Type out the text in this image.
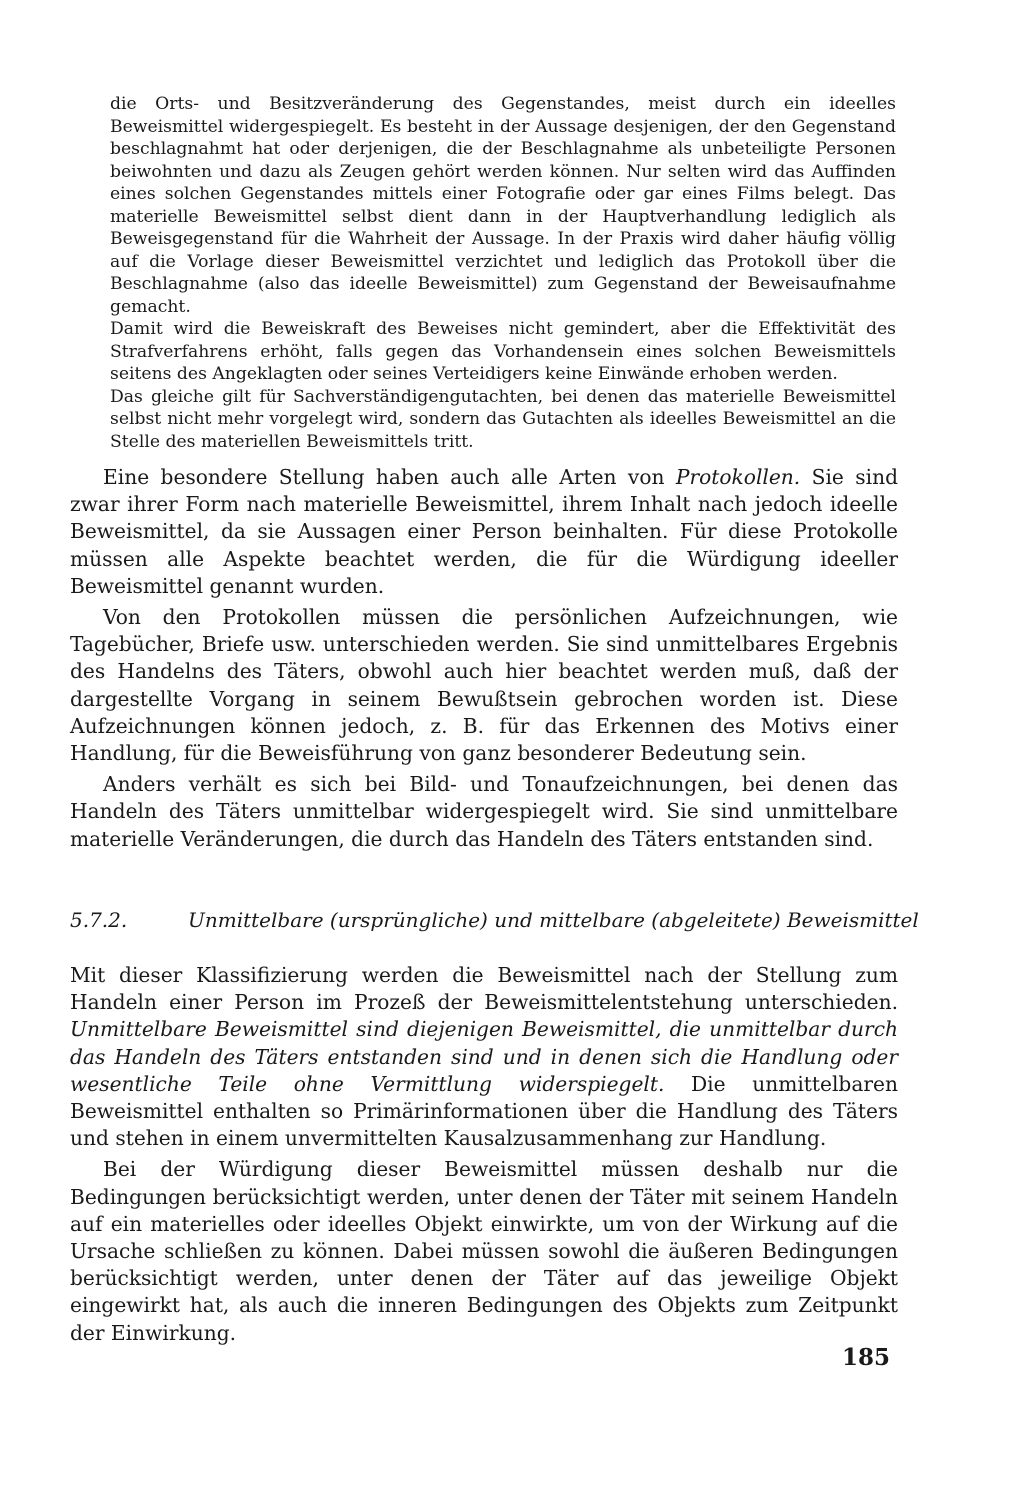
die Orts- und Besitzveränderung des Gegenstandes, meist durch ein ideelles Beweismittel widergespiegelt. Es besteht in der Aussage desjenigen, der den Gegenstand beschlagnahmt hat oder derjenigen, die der Beschlagnahme als unbeteiligte Personen beiwohnten und dazu als Zeugen gehört werden können. Nur selten wird das Auffinden eines solchen Gegenstandes mittels einer Fotografie oder gar eines Films belegt. Das materielle Beweismittel selbst dient dann in der Hauptverhandlung lediglich als Beweisgegenstand für die Wahrheit der Aussage. In der Praxis wird daher häufig völlig auf die Vorlage dieser Beweismittel verzichtet und lediglich das Protokoll über die Beschlagnahme (also das ideelle Beweismittel) zum Gegenstand der Beweisaufnahme gemacht.

Damit wird die Beweiskraft des Beweises nicht gemindert, aber die Effektivität des Strafverfahrens erhöht, falls gegen das Vorhandensein eines solchen Beweismittels seitens des Angeklagten oder seines Verteidigers keine Einwände erhoben werden.

Das gleiche gilt für Sachverständigengutachten, bei denen das materielle Beweismittel selbst nicht mehr vorgelegt wird, sondern das Gutachten als ideelles Beweismittel an die Stelle des materiellen Beweismittels tritt.

Eine besondere Stellung haben auch alle Arten von Protokollen. Sie sind zwar ihrer Form nach materielle Beweismittel, ihrem Inhalt nach jedoch ideelle Beweismittel, da sie Aussagen einer Person beinhalten. Für diese Protokolle müssen alle Aspekte beachtet werden, die für die Würdigung ideeller Beweismittel genannt wurden.

Von den Protokollen müssen die persönlichen Aufzeichnungen, wie Tagebücher, Briefe usw. unterschieden werden. Sie sind unmittelbares Ergebnis des Handelns des Täters, obwohl auch hier beachtet werden muß, daß der dargestellte Vorgang in seinem Bewußtsein gebrochen worden ist. Diese Aufzeichnungen können jedoch, z. B. für das Erkennen des Motivs einer Handlung, für die Beweisführung von ganz besonderer Bedeutung sein.

Anders verhält es sich bei Bild- und Tonaufzeichnungen, bei denen das Handeln des Täters unmittelbar widergespiegelt wird. Sie sind unmittelbare materielle Veränderungen, die durch das Handeln des Täters entstanden sind.

5.7.2.	Unmittelbare (ursprüngliche) und mittelbare (abgeleitete) Beweismittel

Mit dieser Klassifizierung werden die Beweismittel nach der Stellung zum Handeln einer Person im Prozeß der Beweismittelentstehung unterschieden. Unmittelbare Beweismittel sind diejenigen Beweismittel, die unmittelbar durch das Handeln des Täters entstanden sind und in denen sich die Handlung oder wesentliche Teile ohne Vermittlung widerspiegelt. Die unmittelbaren Beweismittel enthalten so Primärinformationen über die Handlung des Täters und stehen in einem unvermittelten Kausalzusammenhang zur Handlung.

Bei der Würdigung dieser Beweismittel müssen deshalb nur die Bedingungen berücksichtigt werden, unter denen der Täter mit seinem Handeln auf ein materielles oder ideelles Objekt einwirkte, um von der Wirkung auf die Ursache schließen zu können. Dabei müssen sowohl die äußeren Bedingungen berücksichtigt werden, unter denen der Täter auf das jeweilige Objekt eingewirkt hat, als auch die inneren Bedingungen des Objekts zum Zeitpunkt der Einwirkung.

185
